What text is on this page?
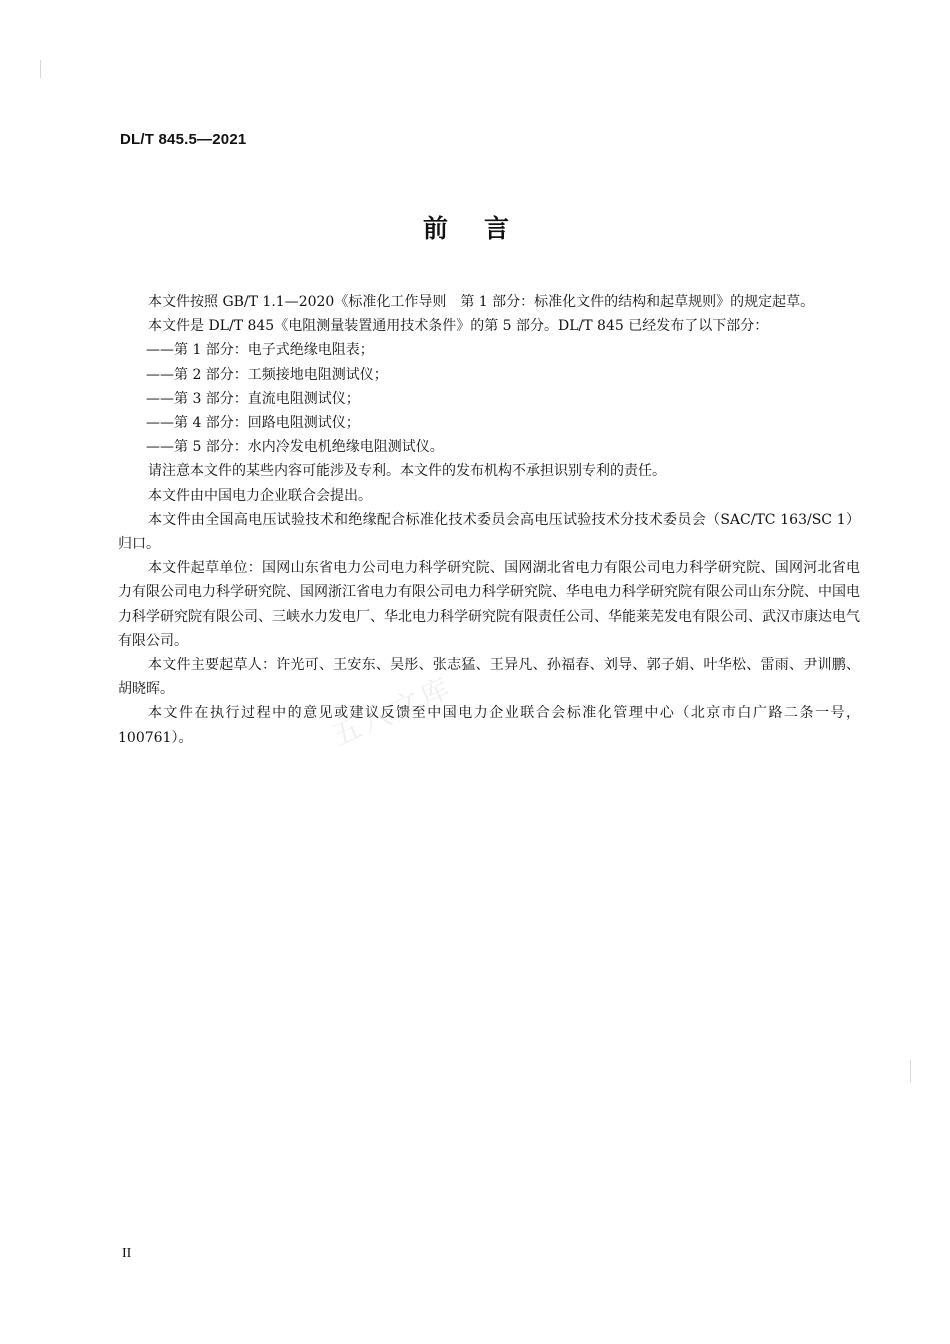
DL/T 845.5—2021
前言

本文件按照 GB/T 1.1—2020《标准化工作导则　第 1 部分：标准化文件的结构和起草规则》的规定起草。

本文件是 DL/T 845《电阻测量装置通用技术条件》的第 5 部分。DL/T 845 已经发布了以下部分：

——第 1 部分：电子式绝缘电阻表；

——第 2 部分：工频接地电阻测试仪；

——第 3 部分：直流电阻测试仪；

——第 4 部分：回路电阻测试仪；

——第 5 部分：水内冷发电机绝缘电阻测试仪。

请注意本文件的某些内容可能涉及专利。本文件的发布机构不承担识别专利的责任。

本文件由中国电力企业联合会提出。

本文件由全国高电压试验技术和绝缘配合标准化技术委员会高电压试验技术分技术委员会（SAC/TC 163/SC 1）归口。

本文件起草单位：国网山东省电力公司电力科学研究院、国网湖北省电力有限公司电力科学研究院、国网河北省电力有限公司电力科学研究院、国网浙江省电力有限公司电力科学研究院、华电电力科学研究院有限公司山东分院、中国电力科学研究院有限公司、三峡水力发电厂、华北电力科学研究院有限责任公司、华能莱芜发电有限公司、武汉市康达电气有限公司。

本文件主要起草人：许光可、王安东、吴彤、张志猛、王异凡、孙福春、刘导、郭子娟、叶华松、雷雨、尹训鹏、胡晓晖。

本文件在执行过程中的意见或建议反馈至中国电力企业联合会标准化管理中心（北京市白广路二条一号，100761）。	五八文库
II
